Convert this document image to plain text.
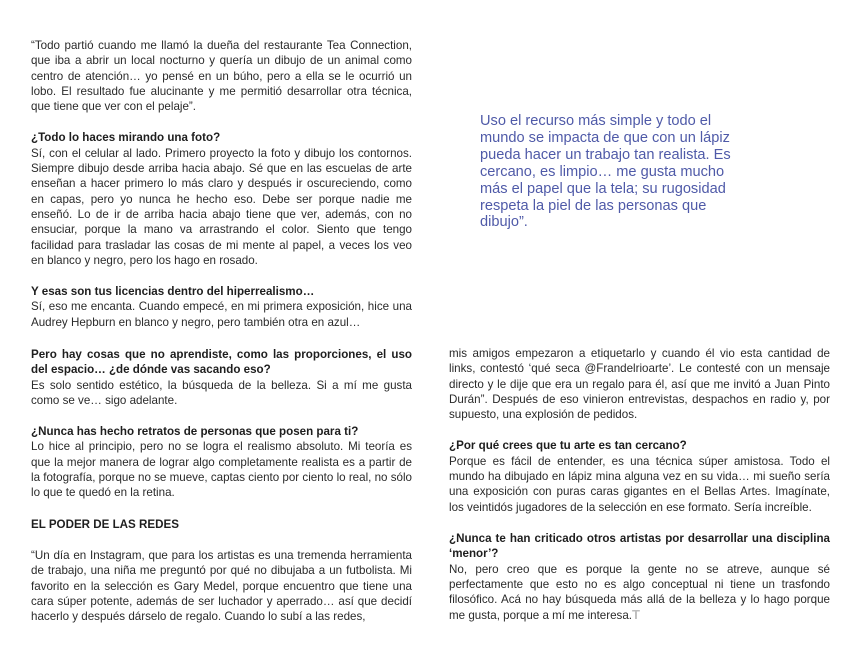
“Todo partió cuando me llamó la dueña del restaurante Tea Connection, que iba a abrir un local nocturno y quería un dibujo de un animal como centro de atención… yo pensé en un búho, pero a ella se le ocurrió un lobo. El resultado fue alucinante y me permitió desarrollar otra técnica, que tiene que ver con el pelaje”.

¿Todo lo haces mirando una foto?

Sí, con el celular al lado. Primero proyecto la foto y dibujo los contornos. Siempre dibujo desde arriba hacia abajo. Sé que en las escuelas de arte enseñan a hacer primero lo más claro y después ir oscureciendo, como en capas, pero yo nunca he hecho eso. Debe ser porque nadie me enseñó. Lo de ir de arriba hacia abajo tiene que ver, además, con no ensuciar, porque la mano va arrastrando el color. Siento que tengo facilidad para trasladar las cosas de mi mente al papel, a veces los veo en blanco y negro, pero los hago en rosado.

Y esas son tus licencias dentro del hiperrealismo…

Sí, eso me encanta. Cuando empecé, en mi primera exposición, hice una Audrey Hepburn en blanco y negro, pero también otra en azul…

Pero hay cosas que no aprendiste, como las proporciones, el uso del espacio… ¿de dónde vas sacando eso?

Es solo sentido estético, la búsqueda de la belleza. Si a mí me gusta como se ve… sigo adelante.

¿Nunca has hecho retratos de personas que posen para ti?

Lo hice al principio, pero no se logra el realismo absoluto. Mi teoría es que la mejor manera de lograr algo completamente realista es a partir de la fotografía, porque no se mueve, captas ciento por ciento lo real, no sólo lo que te quedó en la retina.

EL PODER DE LAS REDES

“Un día en Instagram, que para los artistas es una tremenda herramienta de trabajo, una niña me preguntó por qué no dibujaba a un futbolista. Mi favorito en la selección es Gary Medel, porque encuentro que tiene una cara súper potente, además de ser luchador y aperrado… así que decidí hacerlo y después dárselo de regalo. Cuando lo subí a las redes,

Uso el recurso más simple y todo el mundo se impacta de que con un lápiz pueda hacer un trabajo tan realista. Es cercano, es limpio… me gusta mucho más el papel que la tela; su rugosidad respeta la piel de las personas que dibujo”.

mis amigos empezaron a etiquetarlo y cuando él vio esta cantidad de links, contestó ‘qué seca @Frandelrioarte’. Le contesté con un mensaje directo y le dije que era un regalo para él, así que me invitó a Juan Pinto Durán”. Después de eso vinieron entrevistas, despachos en radio y, por supuesto, una explosión de pedidos.

¿Por qué crees que tu arte es tan cercano?

Porque es fácil de entender, es una técnica súper amistosa. Todo el mundo ha dibujado en lápiz mina alguna vez en su vida… mi sueño sería una exposición con puras caras gigantes en el Bellas Artes. Imagínate, los veintidós jugadores de la selección en ese formato. Sería increíble.

¿Nunca te han criticado otros artistas por desarrollar una disciplina ‘menor’?

No, pero creo que es porque la gente no se atreve, aunque sé perfectamente que esto no es algo conceptual ni tiene un trasfondo filosófico. Acá no hay búsqueda más allá de la belleza y lo hago porque me gusta, porque a mí me interesa.T
